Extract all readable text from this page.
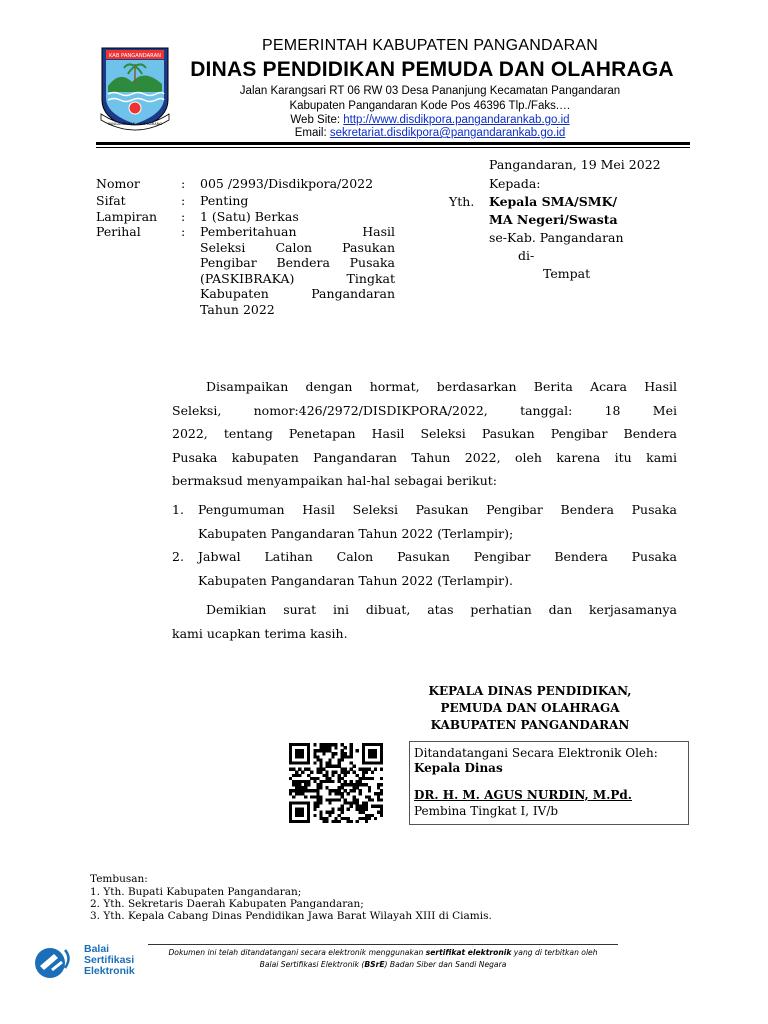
KAB PANGANDARAN
PANGANDARAN LAUT KARANG
PEMERINTAH KABUPATEN PANGANDARAN
DINAS PENDIDIKAN PEMUDA DAN OLAHRAGA
Jalan Karangsari RT 06 RW 03 Desa Pananjung Kecamatan Pangandaran
Kabupaten Pangandaran Kode Pos 46396 Tlp./Faks.…
Web Site: http://www.disdikpora.pangandarankab.go.id
Email: sekretariat.disdikpora@pangandarankab.go.id
Pangandaran, 19 Mei 2022
Nomor	:	005 /2993/Disdikpora/2022
Sifat	:	Penting
Lampiran	:	1 (Satu) Berkas
Perihal	:	Pemberitahuan Hasil
Seleksi Calon Pasukan
Pengibar Bendera Pusaka
(PASKIBRAKA) Tingkat
Kabupaten Pangandaran
Tahun 2022
Kepada:
Yth. Kepala SMA/SMK/
MA Negeri/Swasta
se-Kab. Pangandaran
di-
Tempat
Disampaikan dengan hormat, berdasarkan Berita Acara Hasil
Seleksi, nomor:426/2972/DISDIKPORA/2022, tanggal: 18 Mei
2022, tentang Penetapan Hasil Seleksi Pasukan Pengibar Bendera
Pusaka kabupaten Pangandaran Tahun 2022, oleh karena itu kami
bermaksud menyampaikan hal-hal sebagai berikut:
1. Pengumuman Hasil Seleksi Pasukan Pengibar Bendera Pusaka
Kabupaten Pangandaran Tahun 2022 (Terlampir);
2. Jabwal Latihan Calon Pasukan Pengibar Bendera Pusaka
Kabupaten Pangandaran Tahun 2022 (Terlampir).
Demikian surat ini dibuat, atas perhatian dan kerjasamanya
kami ucapkan terima kasih.
KEPALA DINAS PENDIDIKAN,
PEMUDA DAN OLAHRAGA
KABUPATEN PANGANDARAN
Ditandatangani Secara Elektronik Oleh:
Kepala Dinas
DR. H. M. AGUS NURDIN, M.Pd.
Pembina Tingkat I, IV/b
Tembusan:
1. Yth. Bupati Kabupaten Pangandaran;
2. Yth. Sekretaris Daerah Kabupaten Pangandaran;
3. Yth. Kepala Cabang Dinas Pendidikan Jawa Barat Wilayah XIII di Ciamis.
Balai
Sertifikasi
Elektronik
Dokumen ini telah ditandatangani secara elektronik menggunakan sertifikat elektronik yang di terbitkan oleh
Balai Sertifikasi Elektronik (BSrE) Badan Siber dan Sandi Negara
